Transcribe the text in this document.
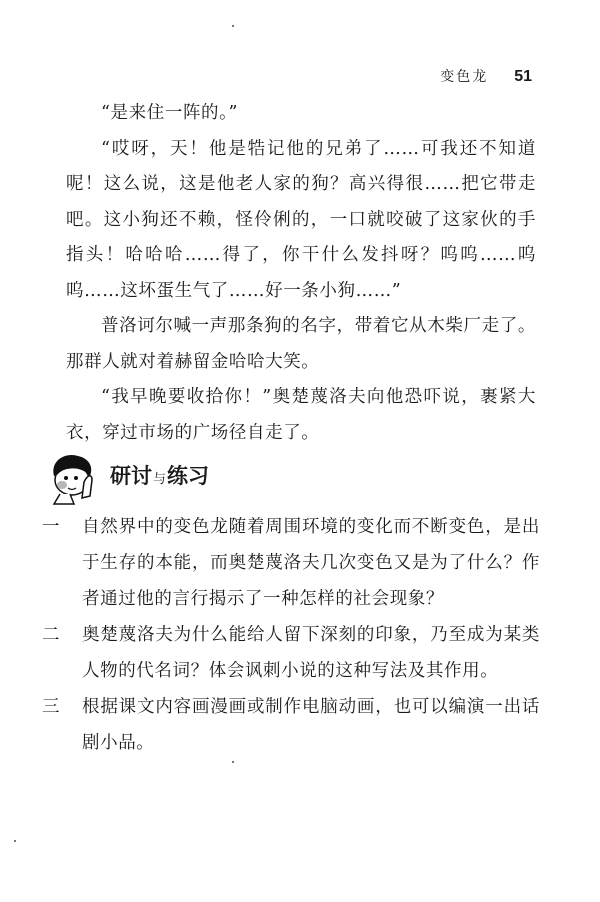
变色龙 51

“是来住一阵的。”

“哎呀，天！他是牿记他的兄弟了……可我还不知道呢！这么说，这是他老人家的狗？高兴得很……把它带走吧。这小狗还不赖，怪伶俐的，一口就咬破了这家伙的手指头！哈哈哈……得了，你干什么发抖呀？呜呜……呜呜……这坏蛋生气了……好一条小狗……”

普洛诃尔喊一声那条狗的名字，带着它从木柴厂走了。那群人就对着赫留金哈哈大笑。

“我早晚要收拾你！”奥楚蔑洛夫向他恐吓说，裹紧大衣，穿过市场的广场径自走了。

研讨与练习
一	自然界中的变色龙随着周围环境的变化而不断变色，是出于生存的本能，而奥楚蔑洛夫几次变色又是为了什么？作者通过他的言行揭示了一种怎样的社会现象？
二	奥楚蔑洛夫为什么能给人留下深刻的印象，乃至成为某类人物的代名词？体会讽刺小说的这种写法及其作用。
三	根据课文内容画漫画或制作电脑动画，也可以编演一出话剧小品。
